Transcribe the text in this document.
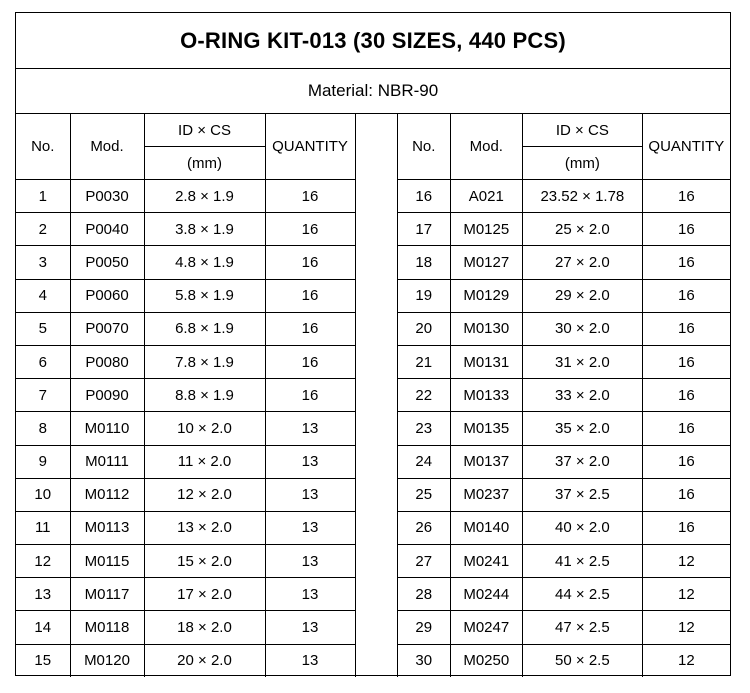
O-RING KIT-013 (30 SIZES, 440 PCS)
Material: NBR-90
No.	Mod.	ID × CS	QUANTITY
		(mm)	
1	P0030	2.8 × 1.9	16
2	P0040	3.8 × 1.9	16
3	P0050	4.8 × 1.9	16
4	P0060	5.8 × 1.9	16
5	P0070	6.8 × 1.9	16
6	P0080	7.8 × 1.9	16
7	P0090	8.8 × 1.9	16
8	M0110	10 × 2.0	13
9	M0111	11 × 2.0	13
10	M0112	12 × 2.0	13
11	M0113	13 × 2.0	13
12	M0115	15 × 2.0	13
13	M0117	17 × 2.0	13
14	M0118	18 × 2.0	13
15	M0120	20 × 2.0	13
No.	Mod.	ID × CS	QUANTITY
		(mm)	
16	A021	23.52 × 1.78	16
17	M0125	25 × 2.0	16
18	M0127	27 × 2.0	16
19	M0129	29 × 2.0	16
20	M0130	30 × 2.0	16
21	M0131	31 × 2.0	16
22	M0133	33 × 2.0	16
23	M0135	35 × 2.0	16
24	M0137	37 × 2.0	16
25	M0237	37 × 2.5	16
26	M0140	40 × 2.0	16
27	M0241	41 × 2.5	12
28	M0244	44 × 2.5	12
29	M0247	47 × 2.5	12
30	M0250	50 × 2.5	12
